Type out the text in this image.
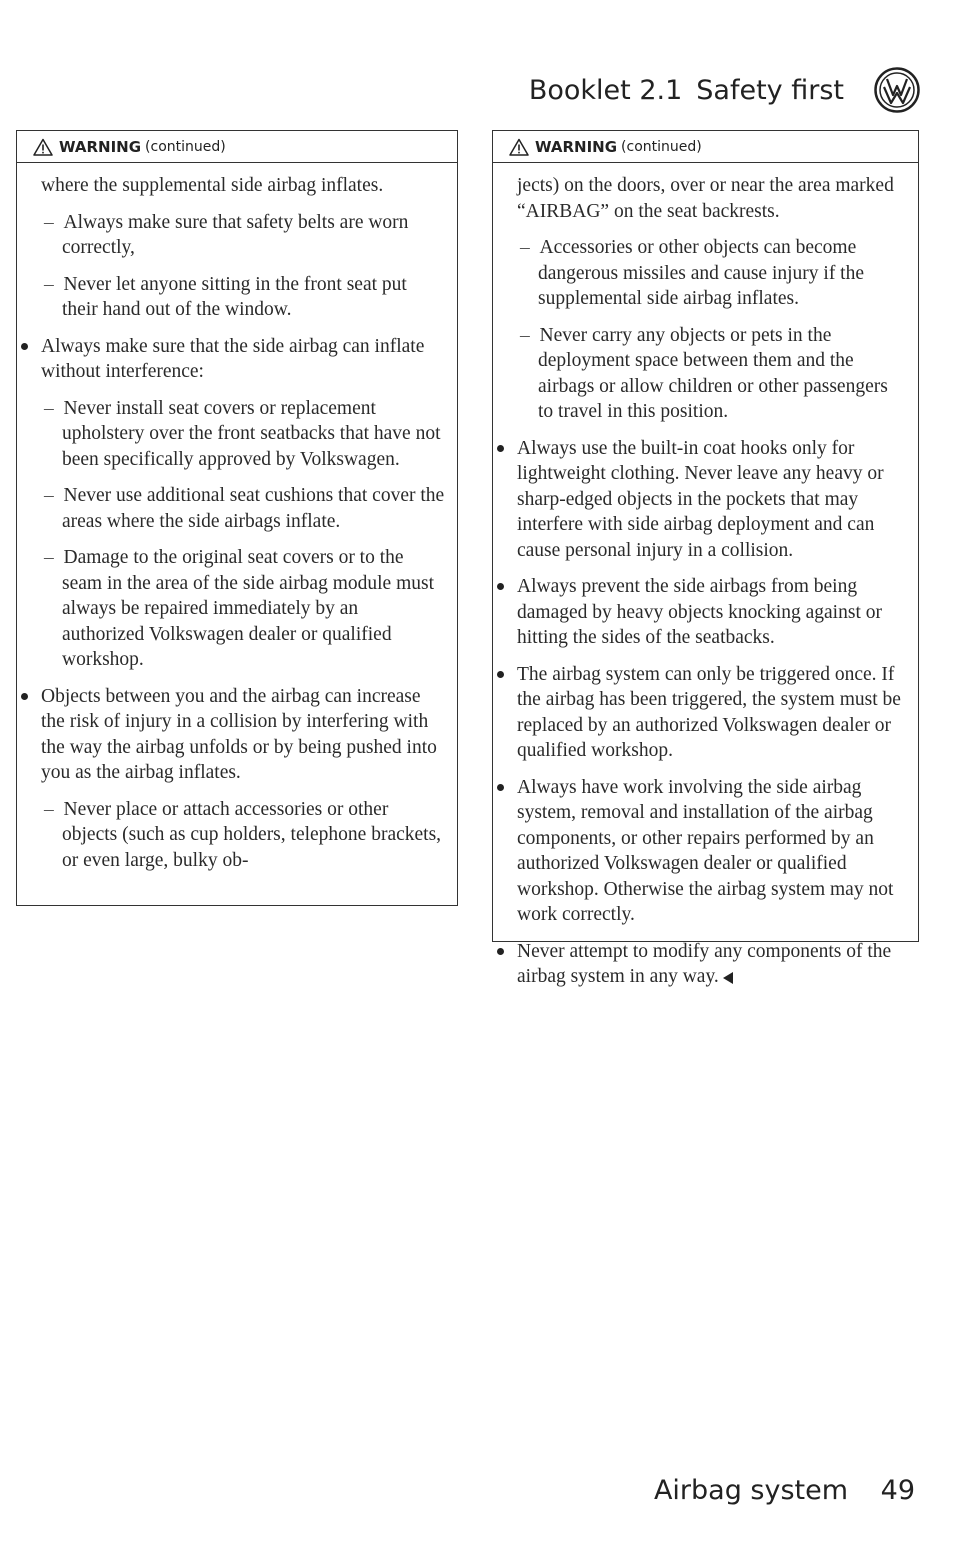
Booklet 2.1 Safety first
WARNING (continued)

where the supplemental side airbag inflates.

–  Always make sure that safety belts are worn correctly,

–  Never let anyone sitting in the front seat put their hand out of the window.

Always make sure that the side airbag can inflate without interference:

–  Never install seat covers or replacement upholstery over the front seatbacks that have not been specifically approved by Volkswagen.

–  Never use additional seat cushions that cover the areas where the side airbags inflate.

–  Damage to the original seat covers or to the seam in the area of the side airbag module must always be repaired immediately by an authorized Volkswagen dealer or qualified workshop.

Objects between you and the airbag can increase the risk of injury in a collision by interfering with the way the airbag unfolds or by being pushed into you as the airbag inflates.

–  Never place or attach accessories or other objects (such as cup holders, telephone brackets, or even large, bulky ob-

WARNING (continued)

jects) on the doors, over or near the area marked “AIRBAG” on the seat backrests.

–  Accessories or other objects can become dangerous missiles and cause injury if the supplemental side airbag inflates.

–  Never carry any objects or pets in the deployment space between them and the airbags or allow children or other passengers to travel in this position.

Always use the built-in coat hooks only for lightweight clothing. Never leave any heavy or sharp-edged objects in the pockets that may interfere with side airbag deployment and can cause personal injury in a collision.

Always prevent the side airbags from being damaged by heavy objects knocking against or hitting the sides of the seatbacks.

The airbag system can only be triggered once. If the airbag has been triggered, the system must be replaced by an authorized Volkswagen dealer or qualified workshop.

Always have work involving the side airbag system, removal and installation of the airbag components, or other repairs performed by an authorized Volkswagen dealer or qualified workshop. Otherwise the airbag system may not work correctly.

Never attempt to modify any components of the airbag system in any way.

Airbag system 49
